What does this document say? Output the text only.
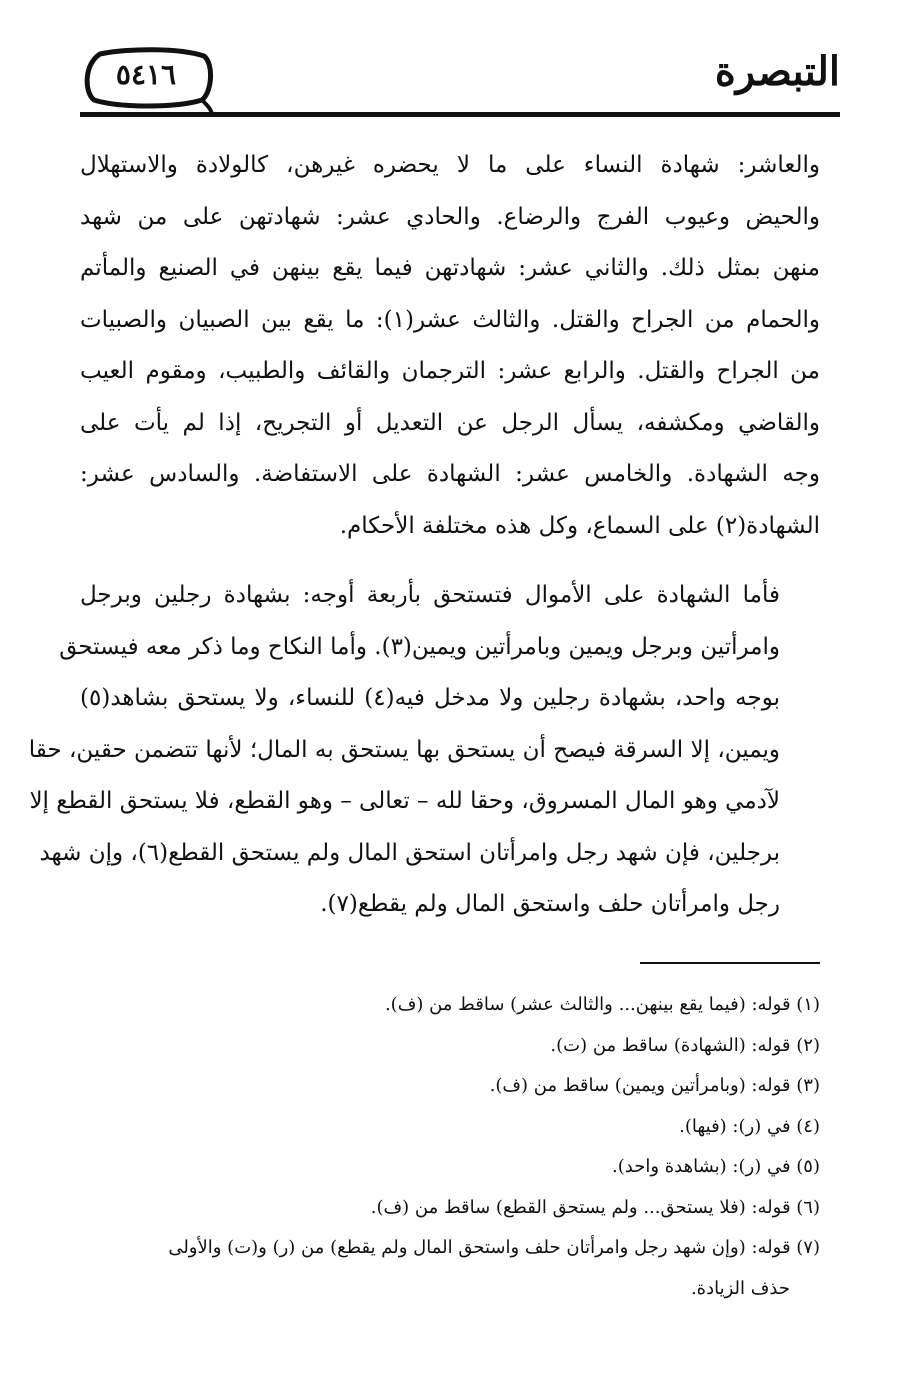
٥٤١٦	التبصرة
والعاشر: شهادة النساء على ما لا يحضره غيرهن، كالولادة والاستهلال
والحيض وعيوب الفرج والرضاع. والحادي عشر: شهادتهن على من شهد
منهن بمثل ذلك. والثاني عشر: شهادتهن فيما يقع بينهن في الصنيع والمأتم
والحمام من الجراح والقتل. والثالث عشر(١): ما يقع بين الصبيان والصبيات
من الجراح والقتل. والرابع عشر: الترجمان والقائف والطبيب، ومقوم العيب
والقاضي ومكشفه، يسأل الرجل عن التعديل أو التجريح، إذا لم يأت على
وجه الشهادة. والخامس عشر: الشهادة على الاستفاضة. والسادس عشر:
الشهادة(٢) على السماع، وكل هذه مختلفة الأحكام.
فأما الشهادة على الأموال فتستحق بأربعة أوجه: بشهادة رجلين وبرجل
وامرأتين وبرجل ويمين وبامرأتين ويمين(٣). وأما النكاح وما ذكر معه فيستحق
بوجه واحد، بشهادة رجلين ولا مدخل فيه(٤) للنساء، ولا يستحق بشاهد(٥)
ويمين، إلا السرقة فيصح أن يستحق بها يستحق به المال؛ لأنها تتضمن حقين، حقا
لآدمي وهو المال المسروق، وحقا لله – تعالى – وهو القطع، فلا يستحق القطع إلا
برجلين، فإن شهد رجل وامرأتان استحق المال ولم يستحق القطع(٦)، وإن شهد
رجل وامرأتان حلف واستحق المال ولم يقطع(٧).
(١) قوله: (فيما يقع بينهن... والثالث عشر) ساقط من (ف).
(٢) قوله: (الشهادة) ساقط من (ت).
(٣) قوله: (وبامرأتين ويمين) ساقط من (ف).
(٤) في (ر): (فيها).
(٥) في (ر): (بشاهدة واحد).
(٦) قوله: (فلا يستحق... ولم يستحق القطع) ساقط من (ف).
(٧) قوله: (وإن شهد رجل وامرأتان حلف واستحق المال ولم يقطع) من (ر) و(ت) والأولى
حذف الزيادة.
